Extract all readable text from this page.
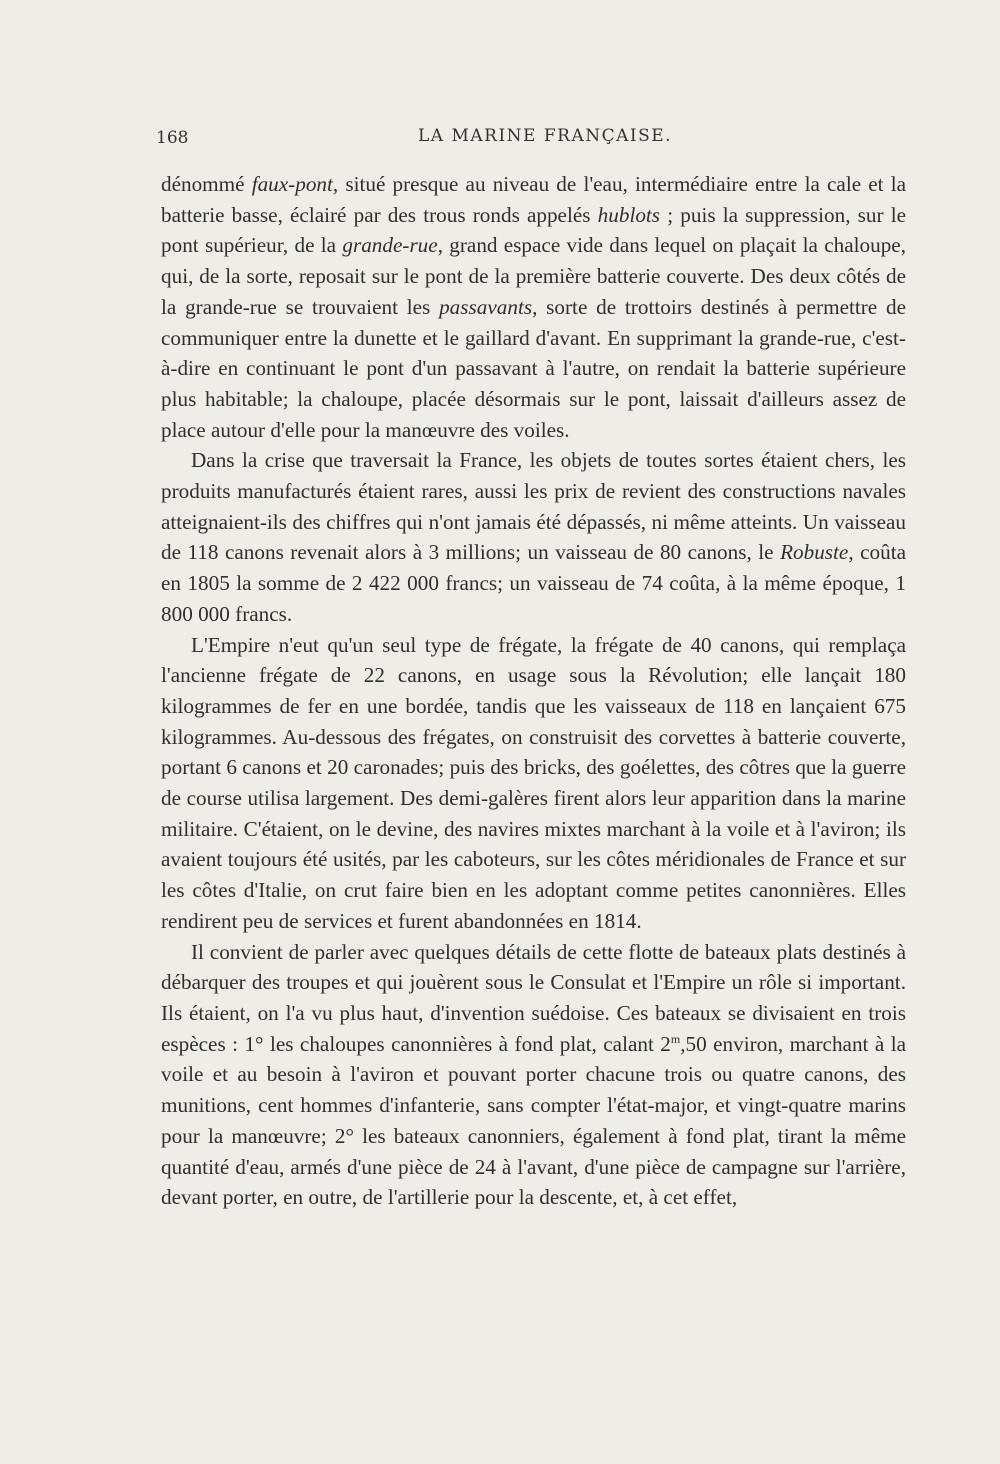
168	LA MARINE FRANÇAISE.

dénommé faux-pont, situé presque au niveau de l'eau, intermédiaire entre la cale et la batterie basse, éclairé par des trous ronds appelés hublots ; puis la suppression, sur le pont supérieur, de la grande-rue, grand espace vide dans lequel on plaçait la chaloupe, qui, de la sorte, reposait sur le pont de la première batterie couverte. Des deux côtés de la grande-rue se trouvaient les passavants, sorte de trottoirs destinés à permettre de communiquer entre la dunette et le gaillard d'avant. En supprimant la grande-rue, c'est-à-dire en continuant le pont d'un passavant à l'autre, on rendait la batterie supérieure plus habitable; la chaloupe, placée désormais sur le pont, laissait d'ailleurs assez de place autour d'elle pour la manœuvre des voiles.

Dans la crise que traversait la France, les objets de toutes sortes étaient chers, les produits manufacturés étaient rares, aussi les prix de revient des constructions navales atteignaient-ils des chiffres qui n'ont jamais été dépassés, ni même atteints. Un vaisseau de 118 canons revenait alors à 3 millions; un vaisseau de 80 canons, le Robuste, coûta en 1805 la somme de 2 422 000 francs; un vaisseau de 74 coûta, à la même époque, 1 800 000 francs.

L'Empire n'eut qu'un seul type de frégate, la frégate de 40 canons, qui remplaça l'ancienne frégate de 22 canons, en usage sous la Révolution; elle lançait 180 kilogrammes de fer en une bordée, tandis que les vaisseaux de 118 en lançaient 675 kilogrammes. Au-dessous des frégates, on construisit des corvettes à batterie couverte, portant 6 canons et 20 caronades; puis des bricks, des goélettes, des côtres que la guerre de course utilisa largement. Des demi-galères firent alors leur apparition dans la marine militaire. C'étaient, on le devine, des navires mixtes marchant à la voile et à l'aviron; ils avaient toujours été usités, par les caboteurs, sur les côtes méridionales de France et sur les côtes d'Italie, on crut faire bien en les adoptant comme petites canonnières. Elles rendirent peu de services et furent abandonnées en 1814.

Il convient de parler avec quelques détails de cette flotte de bateaux plats destinés à débarquer des troupes et qui jouèrent sous le Consulat et l'Empire un rôle si important. Ils étaient, on l'a vu plus haut, d'invention suédoise. Ces bateaux se divisaient en trois espèces : 1° les chaloupes canonnières à fond plat, calant 2$^m$,50 environ, marchant à la voile et au besoin à l'aviron et pouvant porter chacune trois ou quatre canons, des munitions, cent hommes d'infanterie, sans compter l'état-major, et vingt-quatre marins pour la manœuvre; 2° les bateaux canonniers, également à fond plat, tirant la même quantité d'eau, armés d'une pièce de 24 à l'avant, d'une pièce de campagne sur l'arrière, devant porter, en outre, de l'artillerie pour la descente, et, à cet effet,
